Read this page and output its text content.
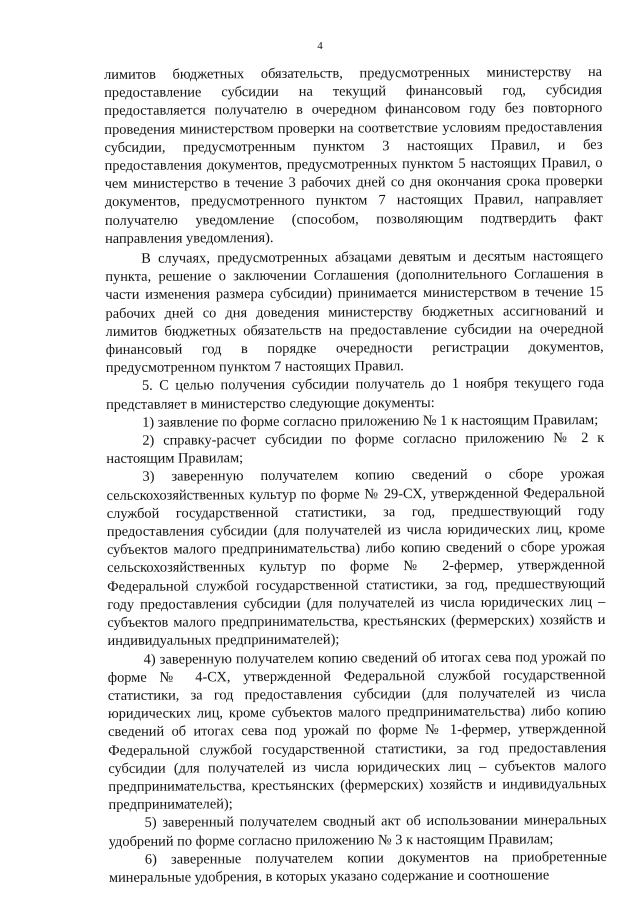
4

лимитов бюджетных обязательств, предусмотренных министерству на предоставление субсидии на текущий финансовый год, субсидия предоставляется получателю в очередном финансовом году без повторного проведения министерством проверки на соответствие условиям предоставления субсидии, предусмотренным пунктом 3 настоящих Правил, и без предоставления документов, предусмотренных пунктом 5 настоящих Правил, о чем министерство в течение 3 рабочих дней со дня окончания срока проверки документов, предусмотренного пунктом 7 настоящих Правил, направляет получателю уведомление (способом, позволяющим подтвердить факт направления уведомления).

В случаях, предусмотренных абзацами девятым и десятым настоящего пункта, решение о заключении Соглашения (дополнительного Соглашения в части изменения размера субсидии) принимается министерством в течение 15 рабочих дней со дня доведения министерству бюджетных ассигнований и лимитов бюджетных обязательств на предоставление субсидии на очередной финансовый год в порядке очередности регистрации документов, предусмотренном пунктом 7 настоящих Правил.

5. С целью получения субсидии получатель до 1 ноября текущего года представляет в министерство следующие документы:

1) заявление по форме согласно приложению № 1 к настоящим Правилам;

2) справку-расчет субсидии по форме согласно приложению № 2 к настоящим Правилам;

3) заверенную получателем копию сведений о сборе урожая сельскохозяйственных культур по форме № 29-СХ, утвержденной Федеральной службой государственной статистики, за год, предшествующий году предоставления субсидии (для получателей из числа юридических лиц, кроме субъектов малого предпринимательства) либо копию сведений о сборе урожая сельскохозяйственных культур по форме № 2-фермер, утвержденной Федеральной службой государственной статистики, за год, предшествующий году предоставления субсидии (для получателей из числа юридических лиц – субъектов малого предпринимательства, крестьянских (фермерских) хозяйств и индивидуальных предпринимателей);

4) заверенную получателем копию сведений об итогах сева под урожай по форме № 4-СХ, утвержденной Федеральной службой государственной статистики, за год предоставления субсидии (для получателей из числа юридических лиц, кроме субъектов малого предпринимательства) либо копию сведений об итогах сева под урожай по форме № 1-фермер, утвержденной Федеральной службой государственной статистики, за год предоставления субсидии (для получателей из числа юридических лиц – субъектов малого предпринимательства, крестьянских (фермерских) хозяйств и индивидуальных предпринимателей);

5) заверенный получателем сводный акт об использовании минеральных удобрений по форме согласно приложению № 3 к настоящим Правилам;

6) заверенные получателем копии документов на приобретенные минеральные удобрения, в которых указано содержание и соотношение
